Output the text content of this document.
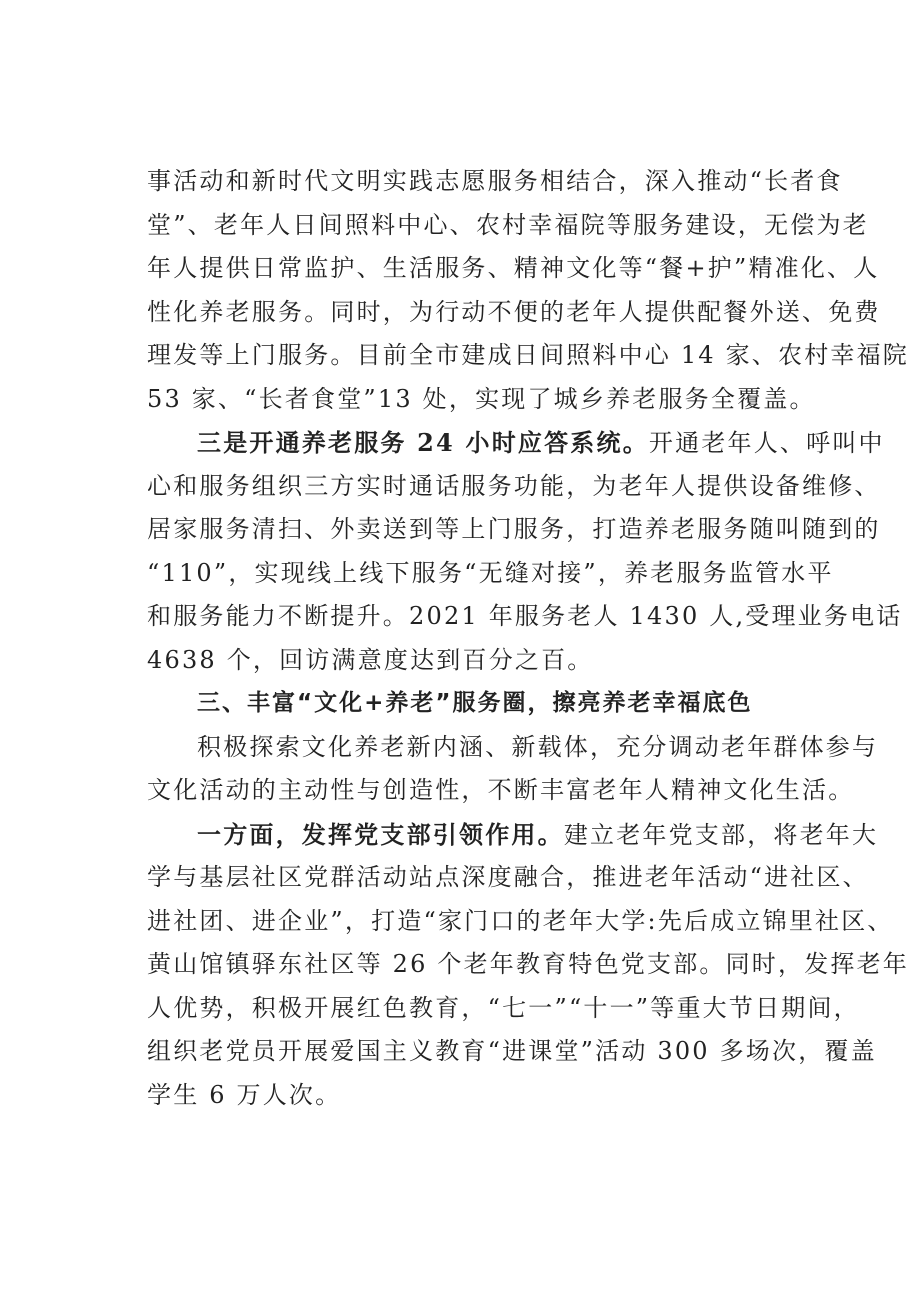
事活动和新时代文明实践志愿服务相结合，深入推动“长者食
堂”、老年人日间照料中心、农村幸福院等服务建设，无偿为老
年人提供日常监护、生活服务、精神文化等“餐+护”精准化、人
性化养老服务。同时，为行动不便的老年人提供配餐外送、免费
理发等上门服务。目前全市建成日间照料中心 14 家、农村幸福院
53 家、“长者食堂”13 处，实现了城乡养老服务全覆盖。
三是开通养老服务 24 小时应答系统。开通老年人、呼叫中
心和服务组织三方实时通话服务功能，为老年人提供设备维修、
居家服务清扫、外卖送到等上门服务，打造养老服务随叫随到的
“110”，实现线上线下服务“无缝对接”，养老服务监管水平
和服务能力不断提升。2021 年服务老人 1430 人,受理业务电话
4638 个，回访满意度达到百分之百。
三、丰富“文化+养老”服务圈，擦亮养老幸福底色
积极探索文化养老新内涵、新载体，充分调动老年群体参与
文化活动的主动性与创造性，不断丰富老年人精神文化生活。
一方面，发挥党支部引领作用。建立老年党支部，将老年大
学与基层社区党群活动站点深度融合，推进老年活动“进社区、
进社团、进企业”，打造“家门口的老年大学:先后成立锦里社区、
黄山馆镇驿东社区等 26 个老年教育特色党支部。同时，发挥老年
人优势，积极开展红色教育，“七一”“十一”等重大节日期间，
组织老党员开展爱国主义教育“进课堂”活动 300 多场次，覆盖
学生 6 万人次。
